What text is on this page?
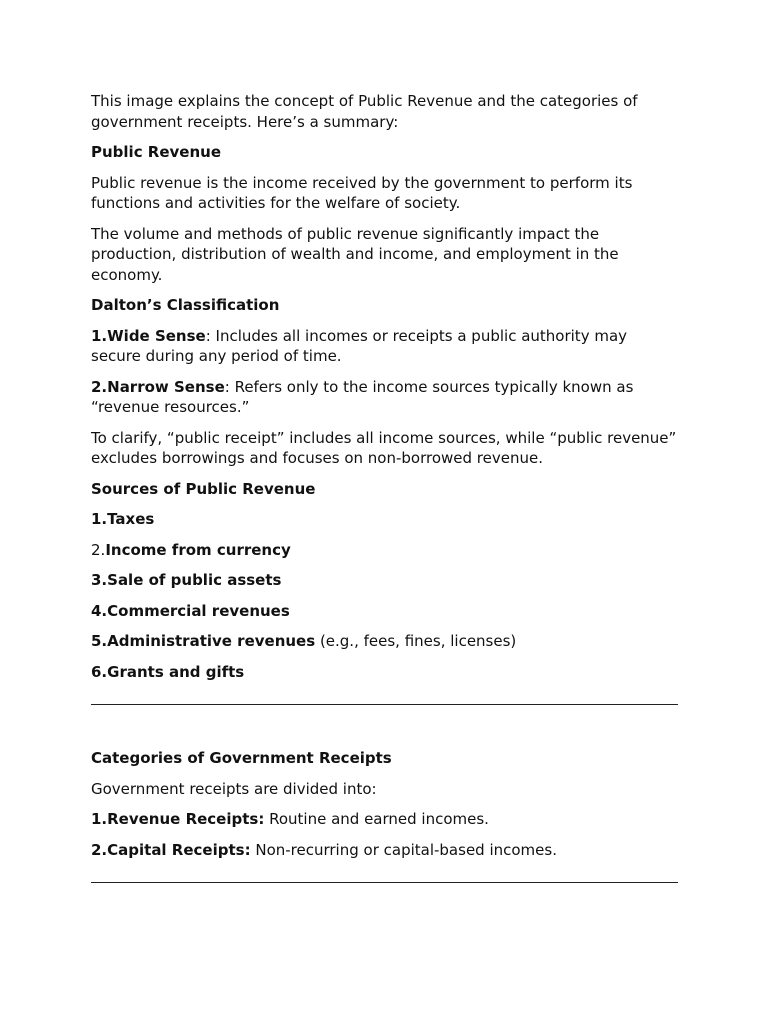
This image explains the concept of Public Revenue and the categories of government receipts. Here’s a summary:

Public Revenue

Public revenue is the income received by the government to perform its functions and activities for the welfare of society.

The volume and methods of public revenue significantly impact the production, distribution of wealth and income, and employment in the economy.

Dalton’s Classification

1.Wide Sense: Includes all incomes or receipts a public authority may secure during any period of time.

2.Narrow Sense: Refers only to the income sources typically known as “revenue resources.”

To clarify, “public receipt” includes all income sources, while “public revenue” excludes borrowings and focuses on non-borrowed revenue.

Sources of Public Revenue

1.Taxes

2.Income from currency

3.Sale of public assets

4.Commercial revenues

5.Administrative revenues (e.g., fees, fines, licenses)

6.Grants and gifts

Categories of Government Receipts

Government receipts are divided into:

1.Revenue Receipts: Routine and earned incomes.

2.Capital Receipts: Non-recurring or capital-based incomes.
